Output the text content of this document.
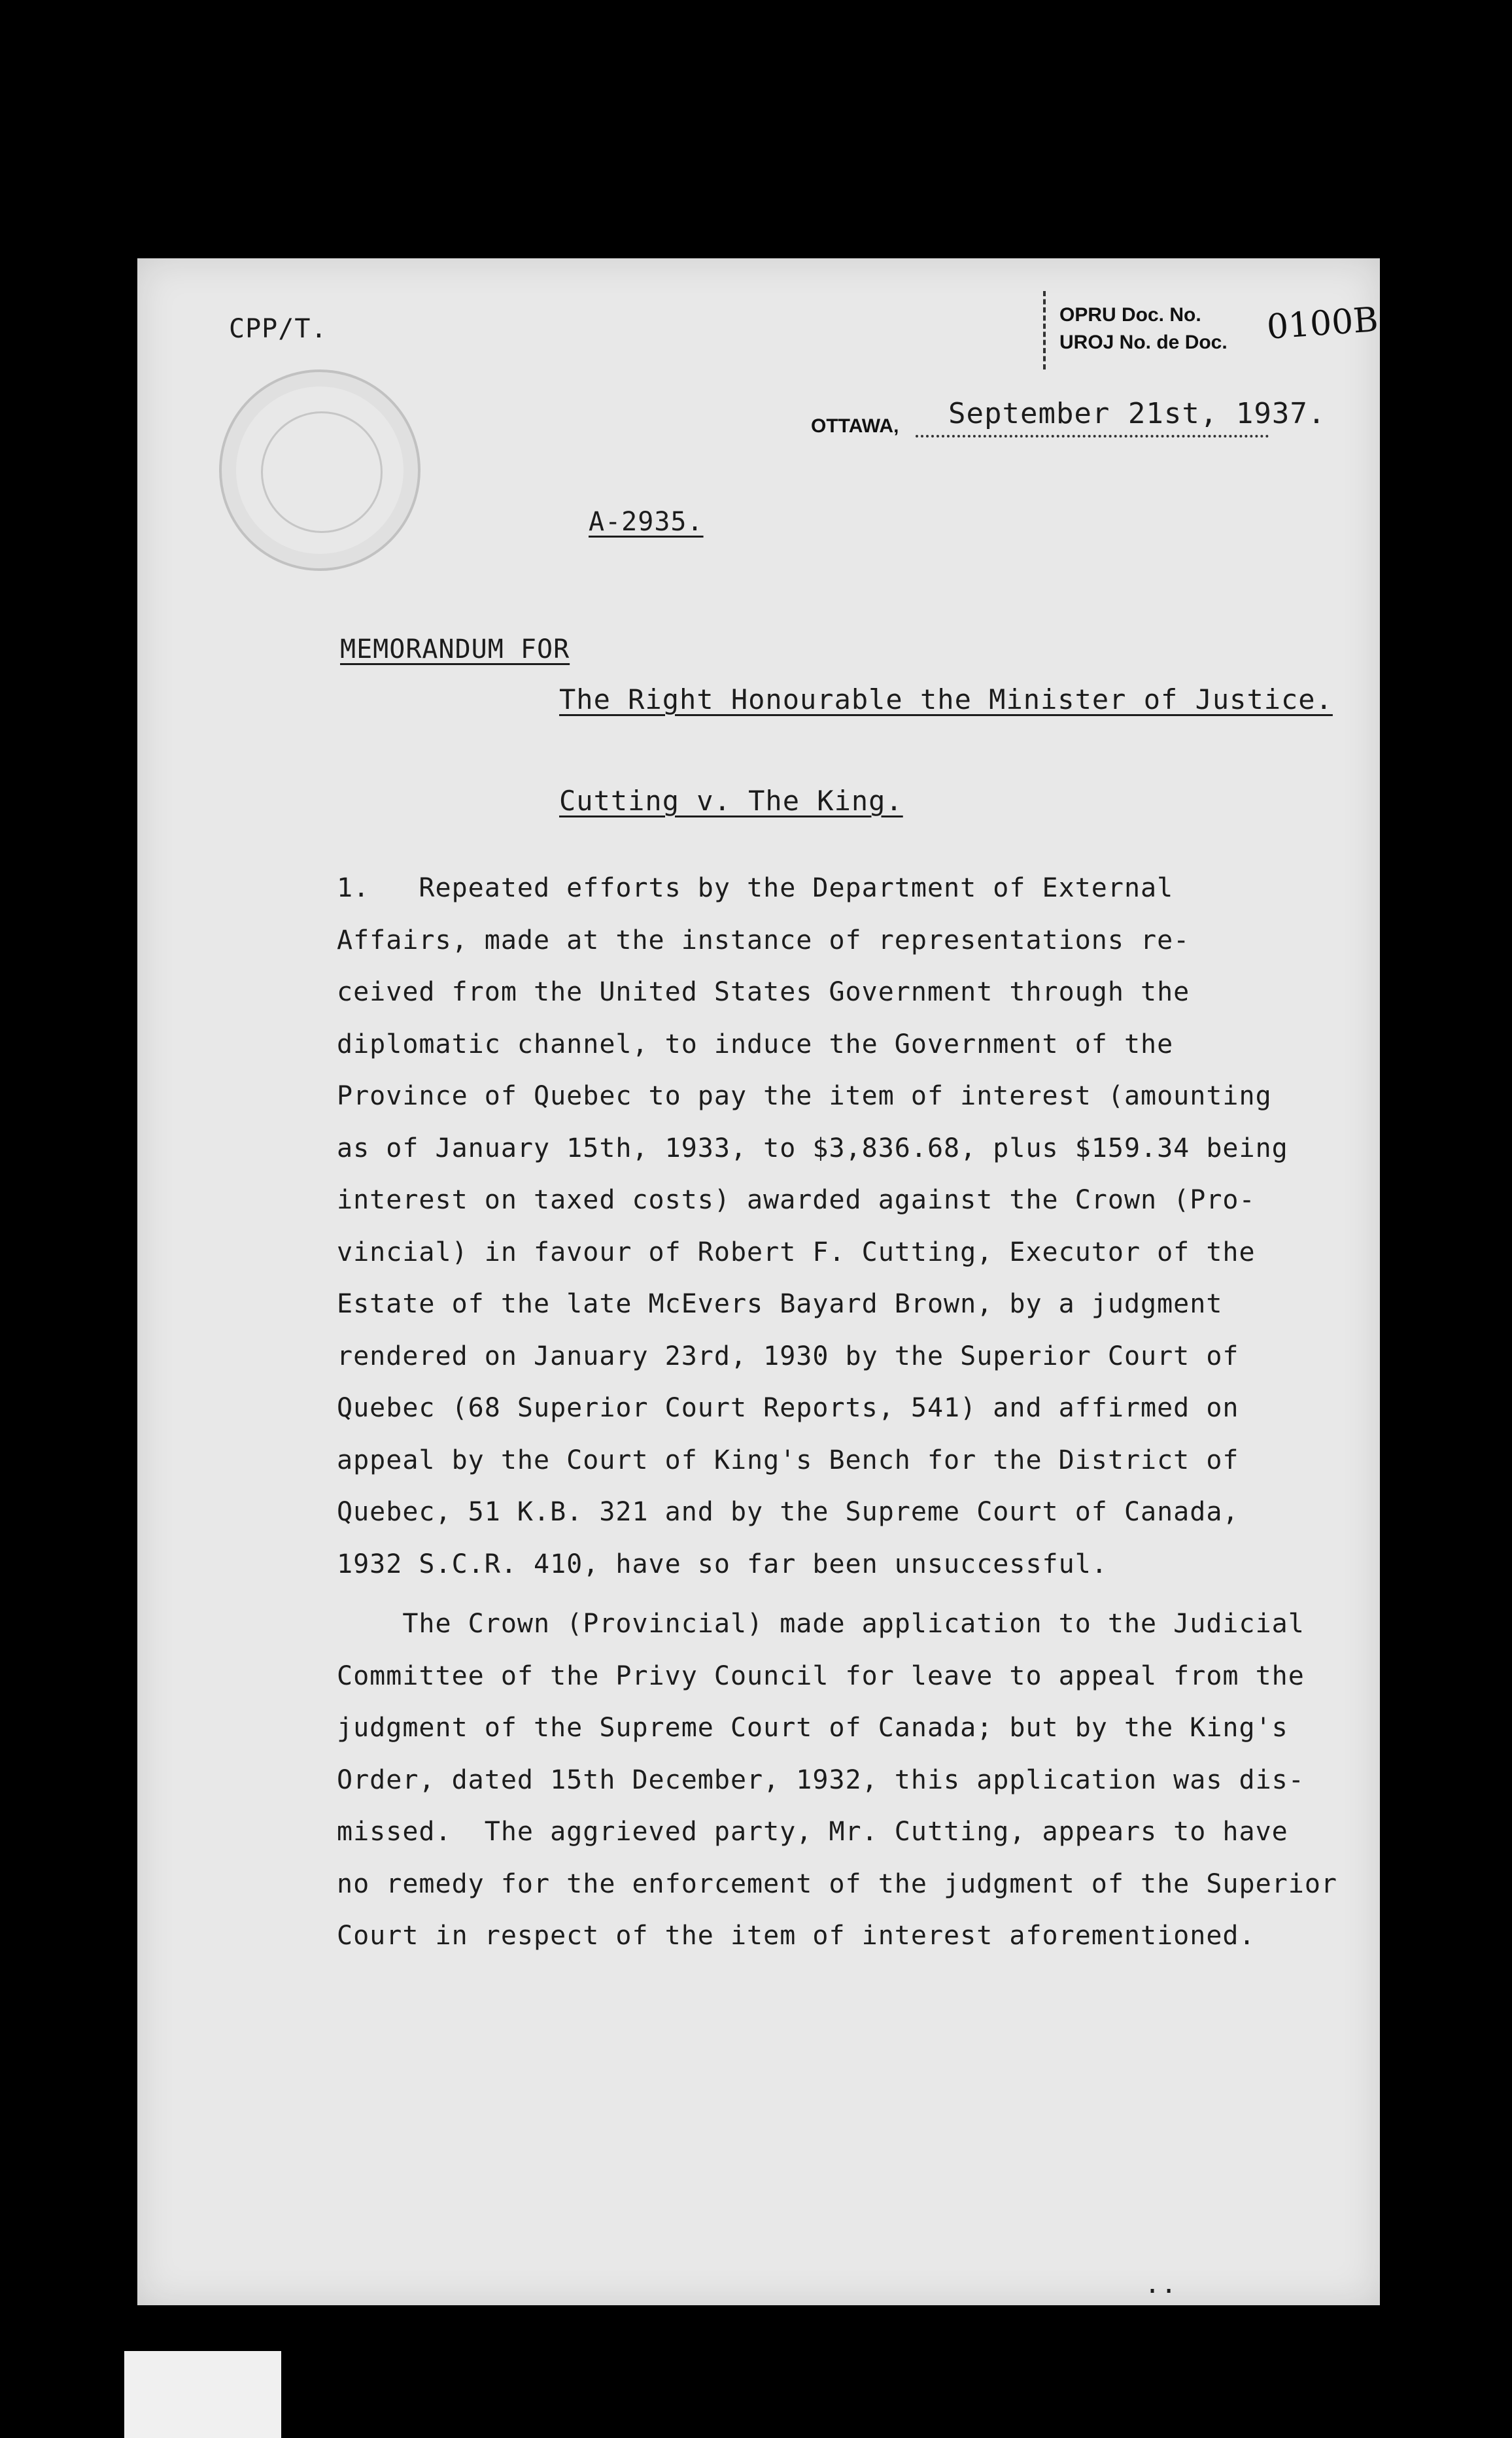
CPP/T.	OPRU Doc. No.
UROJ No. de Doc. 0100B
OTTAWA, September 21st, 1937.
A-2935.
MEMORANDUM FOR
The Right Honourable the Minister of Justice.
Cutting v. The King.
1.   Repeated efforts by the Department of External
Affairs, made at the instance of representations re-
ceived from the United States Government through the
diplomatic channel, to induce the Government of the
Province of Quebec to pay the item of interest (amounting
as of January 15th, 1933, to $3,836.68, plus $159.34 being
interest on taxed costs) awarded against the Crown (Pro-
vincial) in favour of Robert F. Cutting, Executor of the
Estate of the late McEvers Bayard Brown, by a judgment
rendered on January 23rd, 1930 by the Superior Court of
Quebec (68 Superior Court Reports, 541) and affirmed on
appeal by the Court of King's Bench for the District of
Quebec, 51 K.B. 321 and by the Supreme Court of Canada,
1932 S.C.R. 410, have so far been unsuccessful.
The Crown (Provincial) made application to the Judicial
Committee of the Privy Council for leave to appeal from the
judgment of the Supreme Court of Canada; but by the King's
Order, dated 15th December, 1932, this application was dis-
missed.  The aggrieved party, Mr. Cutting, appears to have
no remedy for the enforcement of the judgment of the Superior
Court in respect of the item of interest aforementioned.
..
